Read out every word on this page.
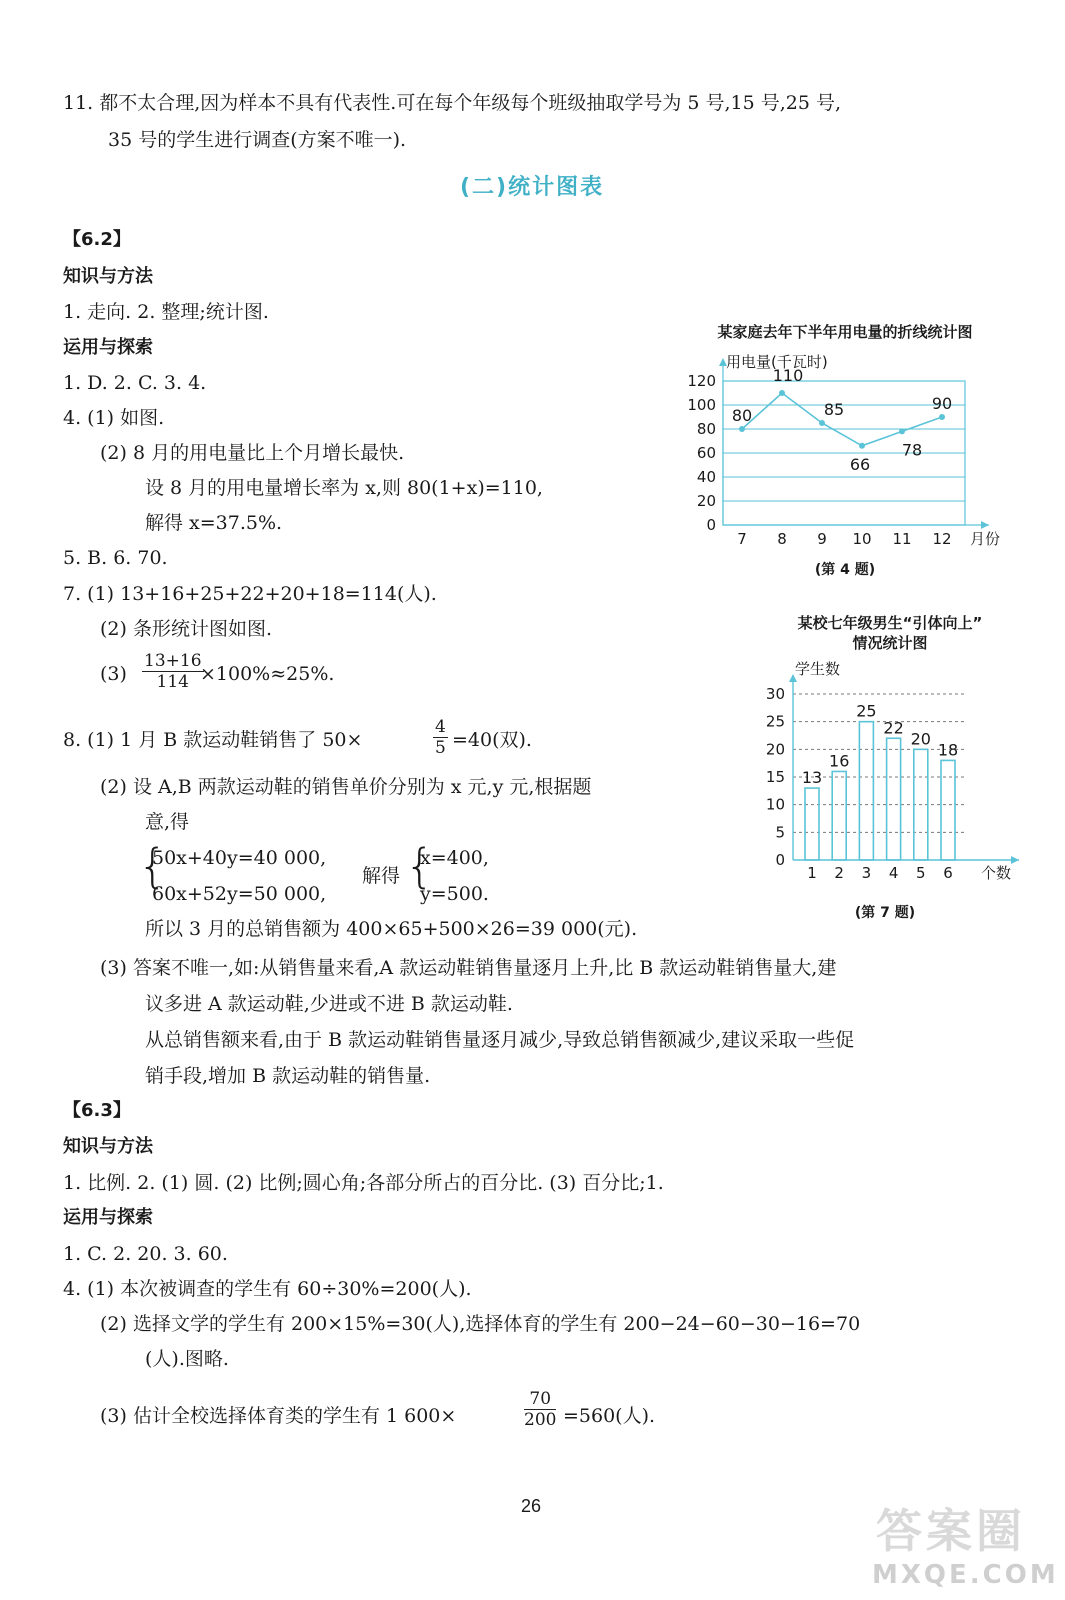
11. 都不太合理,因为样本不具有代表性.可在每个年级每个班级抽取学号为 5 号,15 号,25 号,
35 号的学生进行调查(方案不唯一).
(二)统计图表
【6.2】
知识与方法
1. 走向. 2. 整理;统计图.
运用与探索
1. D. 2. C. 3. 4.
4. (1) 如图.
(2) 8 月的用电量比上个月增长最快.
设 8 月的用电量增长率为 x,则 80(1+x)=110,
解得 x=37.5%.
5. B. 6. 70.
7. (1) 13+16+25+22+20+18=114(人).
(2) 条形统计图如图.
$(3) \frac{13+16}{114}$
×100%≈25%.
8. (1) 1 月 B 款运动鞋销售了 50×	$\frac{4}{5} =40$(双).
(2) 设 A,B 两款运动鞋的销售单价分别为 x 元,y 元,根据题
意,得
{
50x+40y=40 000,
60x+52y=50 000,
解得 {
x=400,
y=500.
所以 3 月的总销售额为 400×65+500×26=39 000(元).
(3) 答案不唯一,如:从销售量来看,A 款运动鞋销售量逐月上升,比 B 款运动鞋销售量大,建
议多进 A 款运动鞋,少进或不进 B 款运动鞋.
从总销售额来看,由于 B 款运动鞋销售量逐月减少,导致总销售额减少,建议采取一些促
销手段,增加 B 款运动鞋的销售量.
【6.3】
知识与方法
1. 比例. 2. (1) 圆. (2) 比例;圆心角;各部分所占的百分比. (3) 百分比;1.
运用与探索
1. C. 2. 20. 3. 60.
4. (1) 本次被调查的学生有 60÷30%=200(人).
(2) 选择文学的学生有 200×15%=30(人),选择体育的学生有 200−24−60−30−16=70
(人).图略.
(3) 估计全校选择体育类的学生有 1 600×	$\frac{70}{200} =560$(人).
某家庭去年下半年用电量的折线统计图
用电量(千瓦时)
0
20
40
60
80
100
120
7 8 9 10 11 12
80
110
85
66
78
90
月份
(第 4 题)
某校七年级男生“引体向上”
情况统计图
学生数
0
5
10
15
20
25
30
13
1
16
2
25
3
22
4
20
5
18
6 个数
(第 7 题)
26	答案圈
MXQE.COM
